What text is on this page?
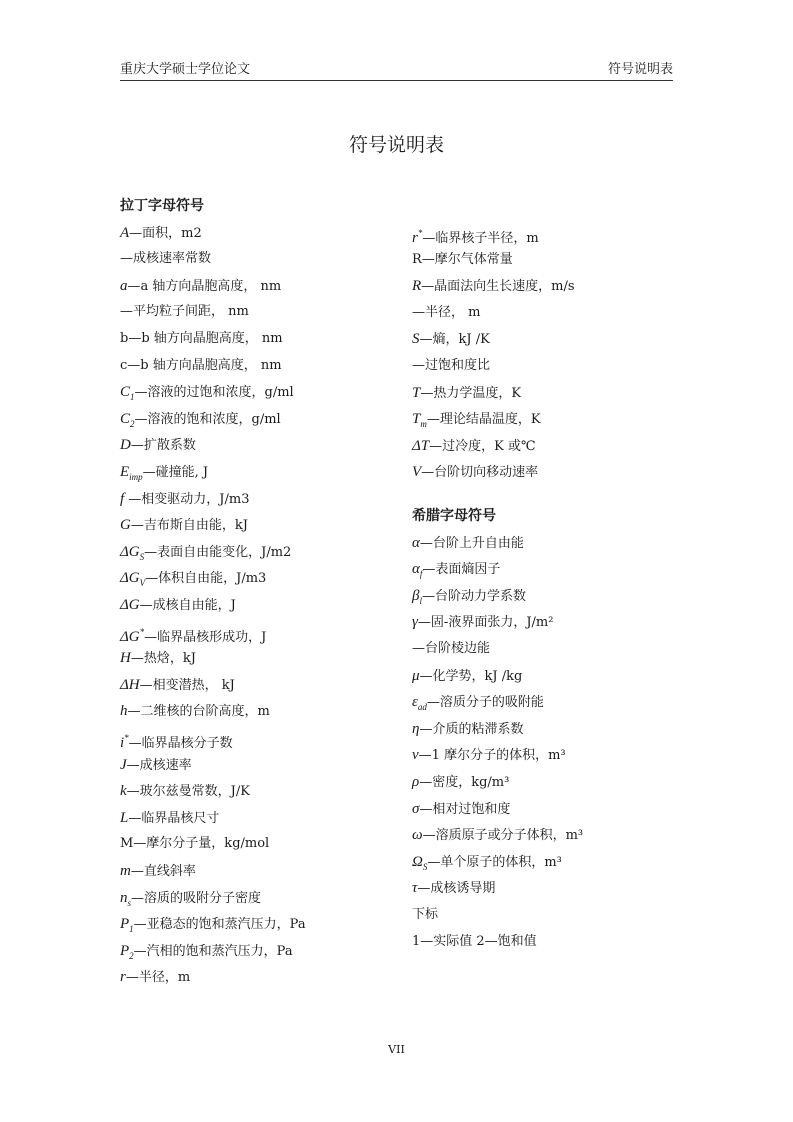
重庆大学硕士学位论文	符号说明表
符号说明表
拉丁字母符号
A—面积，m2
—成核速率常数
a—a 轴方向晶胞高度， nm
—平均粒子间距， nm
b—b 轴方向晶胞高度， nm
c—b 轴方向晶胞高度， nm
$C_1—$溶液的过饱和浓度，g/ml
$C_2—$溶液的饱和浓度，g/ml
D—扩散系数
$E_{imp}—$碰撞能, J
f —相变驱动力，J/m3
G—吉布斯自由能，kJ
$\Delta G_S—$表面自由能变化，J/m2
$\Delta G_V—$体积自由能，J/m3
ΔG—成核自由能，J
ΔG*—临界晶核形成功，J
H—热焓，kJ
ΔH—相变潜热， kJ
h—二维核的台阶高度，m
i*—临界晶核分子数
J—成核速率
k—玻尔兹曼常数，J/K
L—临界晶核尺寸
M—摩尔分子量，kg/mol
m—直线斜率
$n_s—$溶质的吸附分子密度
$P_1—$亚稳态的饱和蒸汽压力，Pa
$P_2—$汽相的饱和蒸汽压力，Pa
r—半径，m
r*—临界核子半径，m
R—摩尔气体常量
R—晶面法向生长速度，m/s
—半径， m
S—熵，kJ /K
—过饱和度比
T—热力学温度，K
$T_m—$理论结晶温度，K
ΔT—过冷度，K 或℃
V—台阶切向移动速率
希腊字母符号
α—台阶上升自由能
$\alpha_f—$表面熵因子
$\beta_l—$台阶动力学系数
γ—固-液界面张力，J/m²
—台阶棱边能
μ—化学势，kJ /kg
$\varepsilon_{ad}—$溶质分子的吸附能
η—介质的粘滞系数
ν—1 摩尔分子的体积，m³
ρ—密度，kg/m³
σ—相对过饱和度
ω—溶质原子或分子体积，m³
$\Omega_S—$单个原子的体积，m³
τ—成核诱导期
下标
1—实际值 2—饱和值
VII
